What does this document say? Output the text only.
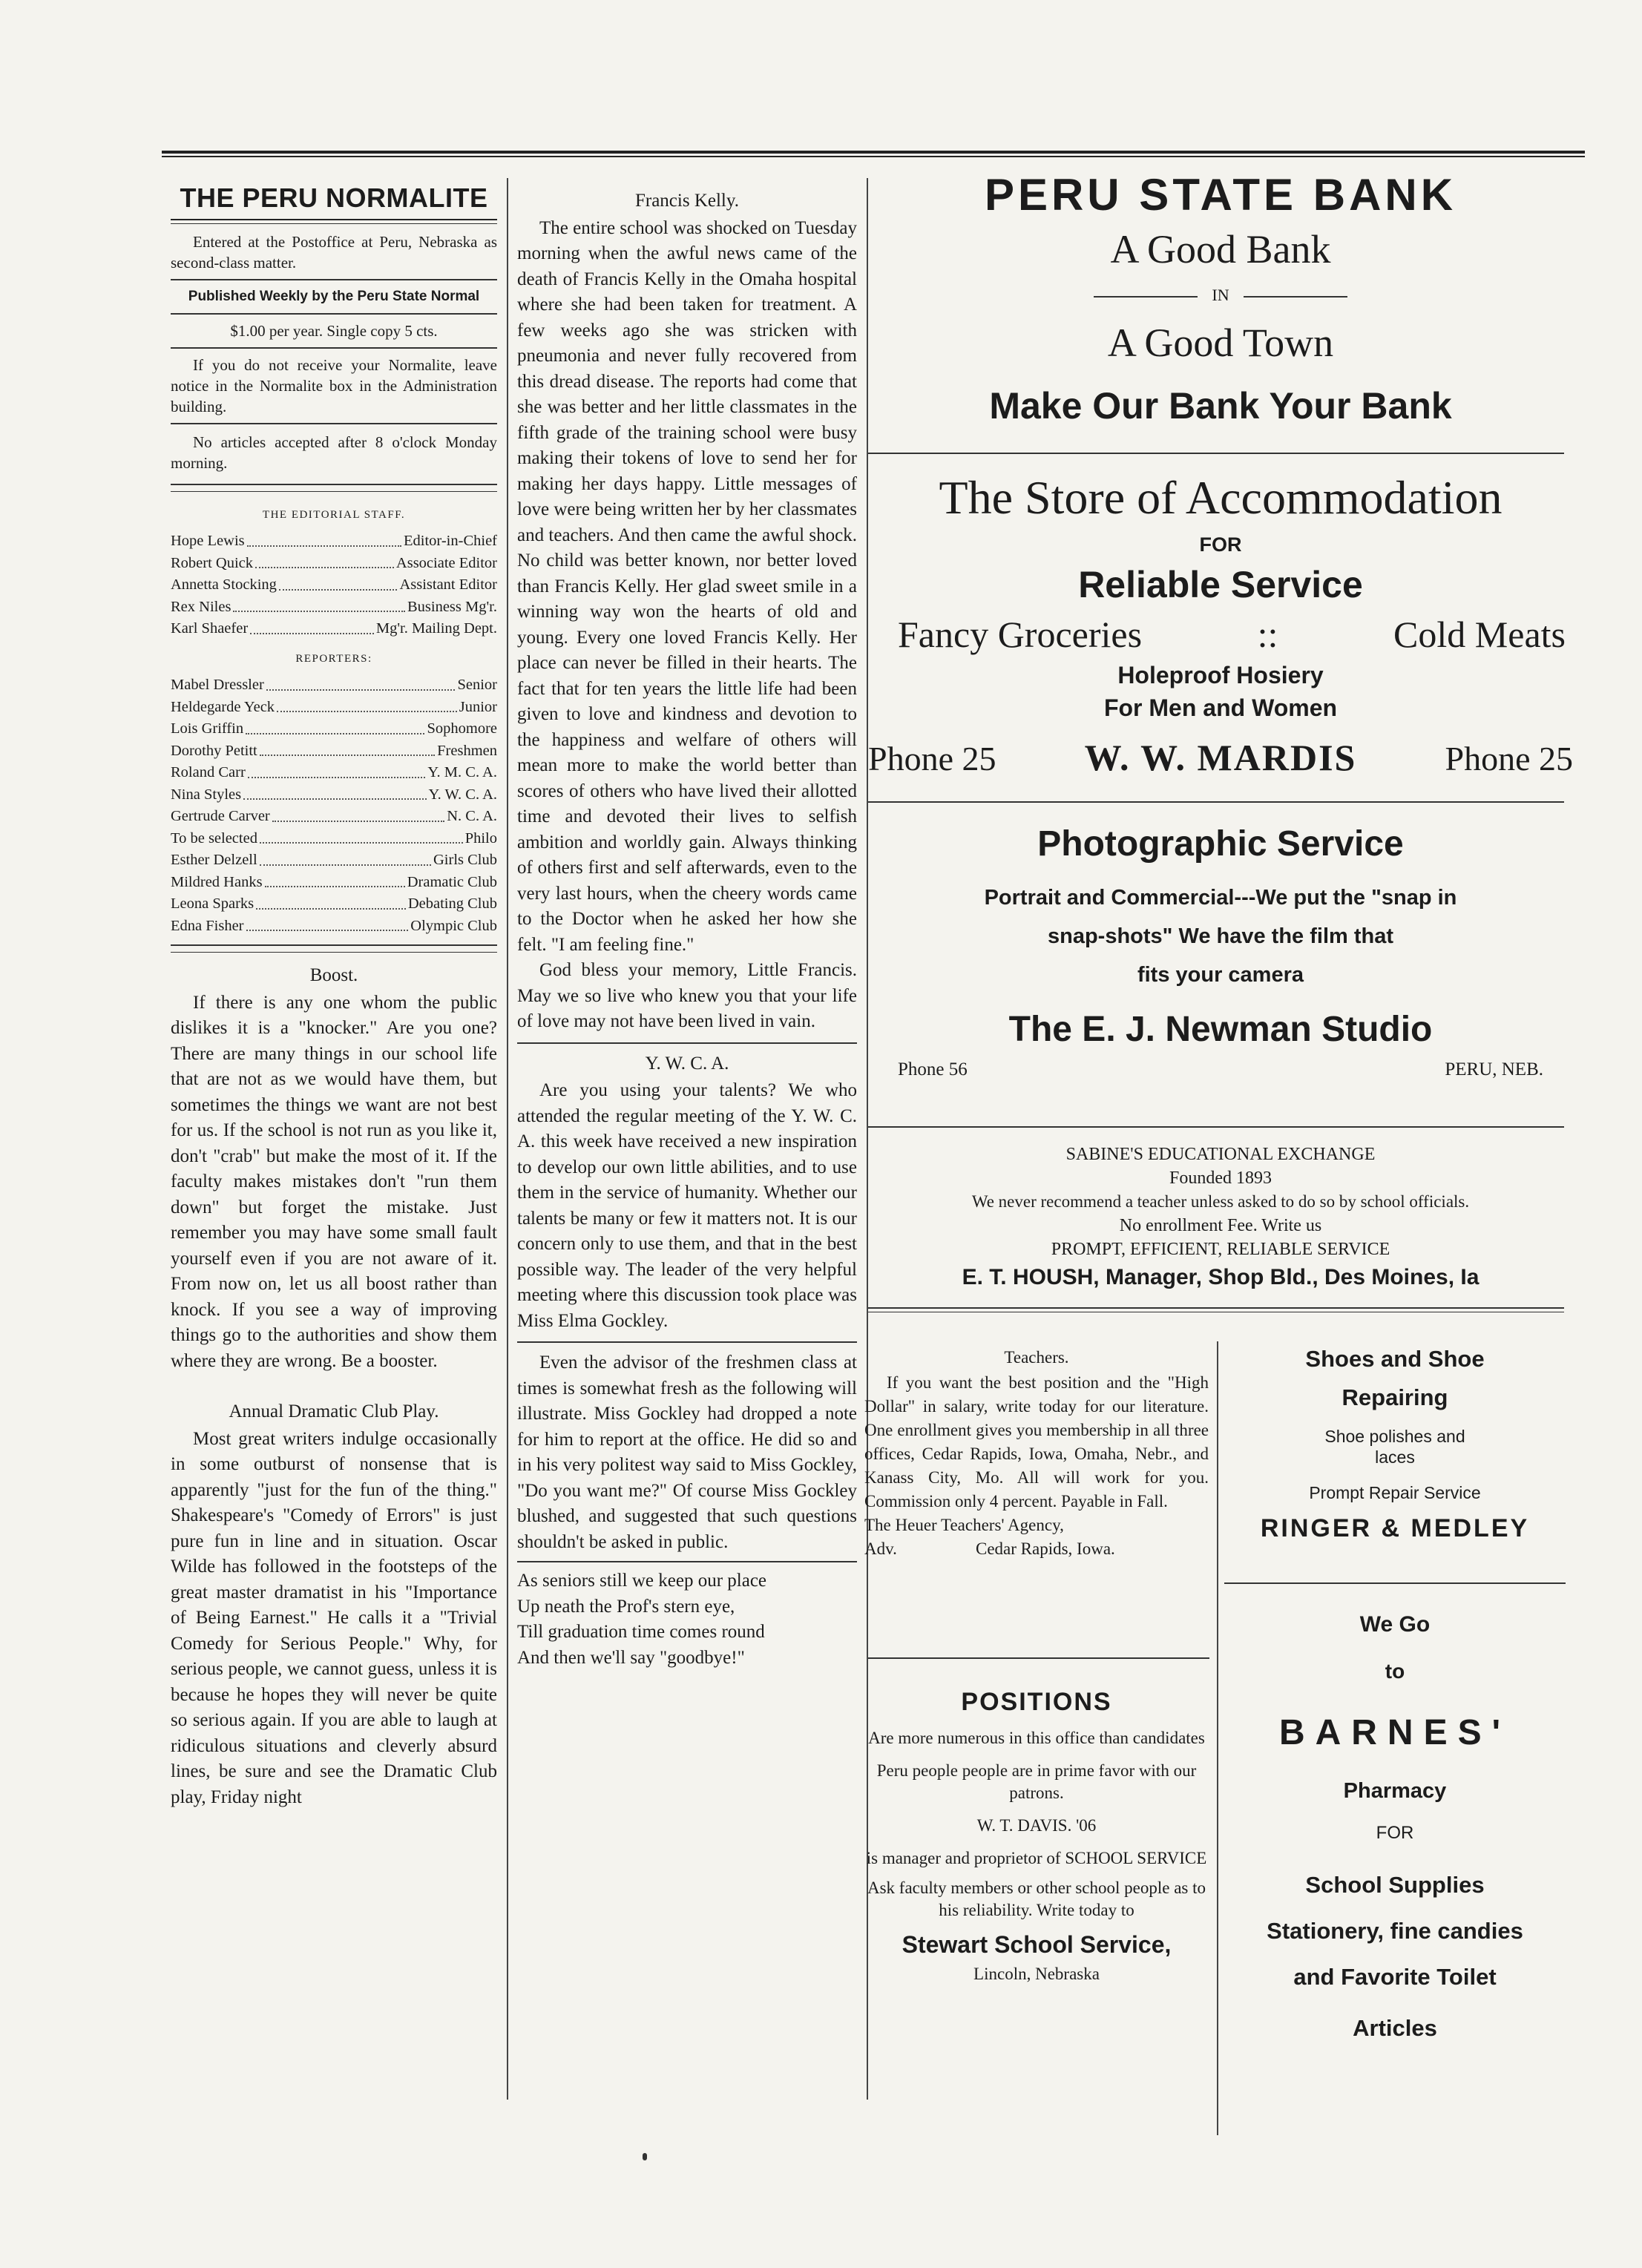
THE PERU NORMALITE

Entered at the Postoffice at Peru, Nebraska as second-class matter.

Published Weekly by the Peru State Normal
$1.00 per year. Single copy 5 cts.

If you do not receive your Normalite, leave notice in the Normalite box in the Administration building.

No articles accepted after 8 o'clock Monday morning.

THE EDITORIAL STAFF.
Hope Lewis	Editor-in-Chief
Robert Quick	Associate Editor
Annetta Stocking	Assistant Editor
Rex Niles	Business Mg'r.
Karl Shaefer	Mg'r. Mailing Dept.
REPORTERS:
Mabel Dressler	Senior
Heldegarde Yeck	Junior
Lois Griffin	Sophomore
Dorothy Petitt	Freshmen
Roland Carr	Y. M. C. A.
Nina Styles	Y. W. C. A.
Gertrude Carver	N. C. A.
To be selected	Philo
Esther Delzell	Girls Club
Mildred Hanks	Dramatic Club
Leona Sparks	Debating Club
Edna Fisher	Olympic Club

Boost.

If there is any one whom the public dislikes it is a "knocker." Are you one? There are many things in our school life that are not as we would have them, but sometimes the things we want are not best for us. If the school is not run as you like it, don't "crab" but make the most of it. If the faculty makes mistakes don't "run them down" but forget the mistake. Just remember you may have some small fault yourself even if you are not aware of it. From now on, let us all boost rather than knock. If you see a way of improving things go to the authorities and show them where they are wrong. Be a booster.

Annual Dramatic Club Play.

Most great writers indulge occasionally in some outburst of nonsense that is apparently "just for the fun of the thing." Shakespeare's "Comedy of Errors" is just pure fun in line and in situation. Oscar Wilde has followed in the footsteps of the great master dramatist in his "Importance of Being Earnest." He calls it a "Trivial Comedy for Serious People." Why, for serious people, we cannot guess, unless it is because he hopes they will never be quite so serious again. If you are able to laugh at ridiculous situations and cleverly absurd lines, be sure and see the Dramatic Club play, Friday night

Francis Kelly.

The entire school was shocked on Tuesday morning when the awful news came of the death of Francis Kelly in the Omaha hospital where she had been taken for treatment. A few weeks ago she was stricken with pneumonia and never fully recovered from this dread disease. The reports had come that she was better and her little classmates in the fifth grade of the training school were busy making their tokens of love to send her for making her days happy. Little messages of love were being written her by her classmates and teachers. And then came the awful shock. No child was better known, nor better loved than Francis Kelly. Her glad sweet smile in a winning way won the hearts of old and young. Every one loved Francis Kelly. Her place can never be filled in their hearts. The fact that for ten years the little life had been given to love and kindness and devotion to the happiness and welfare of others will mean more to make the world better than scores of others who have lived their allotted time and devoted their lives to selfish ambition and worldly gain. Always thinking of others first and self afterwards, even to the very last hours, when the cheery words came to the Doctor when he asked her how she felt. "I am feeling fine."

God bless your memory, Little Francis. May we so live who knew you that your life of love may not have been lived in vain.

Y. W. C. A.

Are you using your talents? We who attended the regular meeting of the Y. W. C. A. this week have received a new inspiration to develop our own little abilities, and to use them in the service of humanity. Whether our talents be many or few it matters not. It is our concern only to use them, and that in the best possible way. The leader of the very helpful meeting where this discussion took place was Miss Elma Gockley.

Even the advisor of the freshmen class at times is somewhat fresh as the following will illustrate. Miss Gockley had dropped a note for him to report at the office. He did so and in his very politest way said to Miss Gockley, "Do you want me?" Of course Miss Gockley blushed, and suggested that such questions shouldn't be asked in public.

As seniors still we keep our place
Up neath the Prof's stern eye,
Till graduation time comes round
And then we'll say "goodbye!"
PERU STATE BANK
A Good Bank
IN
A Good Town
Make Our Bank Your Bank
The Store of Accommodation
FOR
Reliable Service
Fancy Groceries	::	Cold Meats
Holeproof Hosiery
For Men and Women
Phone 25 W. W. MARDIS	Phone 25
Photographic Service
Portrait and Commercial---We put the "snap in
snap-shots" We have the film that
fits your camera
The E. J. Newman Studio
Phone 56	PERU, NEB.
SABINE'S EDUCATIONAL EXCHANGE
Founded 1893
We never recommend a teacher unless asked to do so by school officials.
No enrollment Fee. Write us
PROMPT, EFFICIENT, RELIABLE SERVICE
E. T. HOUSH, Manager, Shop Bld., Des Moines, Ia

Teachers.

If you want the best position and the "High Dollar" in salary, write today for our literature. One enrollment gives you membership in all three offices, Cedar Rapids, Iowa, Omaha, Nebr., and Kanass City, Mo. All will work for you. Commission only 4 percent. Payable in Fall.

The Heuer Teachers' Agency,
Adv.	Cedar Rapids, Iowa.
POSITIONS
Are more numerous in this office than candidates
Peru people people are in prime favor with our patrons.
W. T. DAVIS. '06
is manager and proprietor of SCHOOL SERVICE
Ask faculty members or other school people as to his reliability. Write today to
Stewart School Service,
Lincoln, Nebraska
Shoes and Shoe
Repairing
Shoe polishes and laces
Prompt Repair Service
RINGER & MEDLEY
We Go
to
BARNES'
Pharmacy
FOR
School Supplies
Stationery, fine candies
and Favorite Toilet
Articles
